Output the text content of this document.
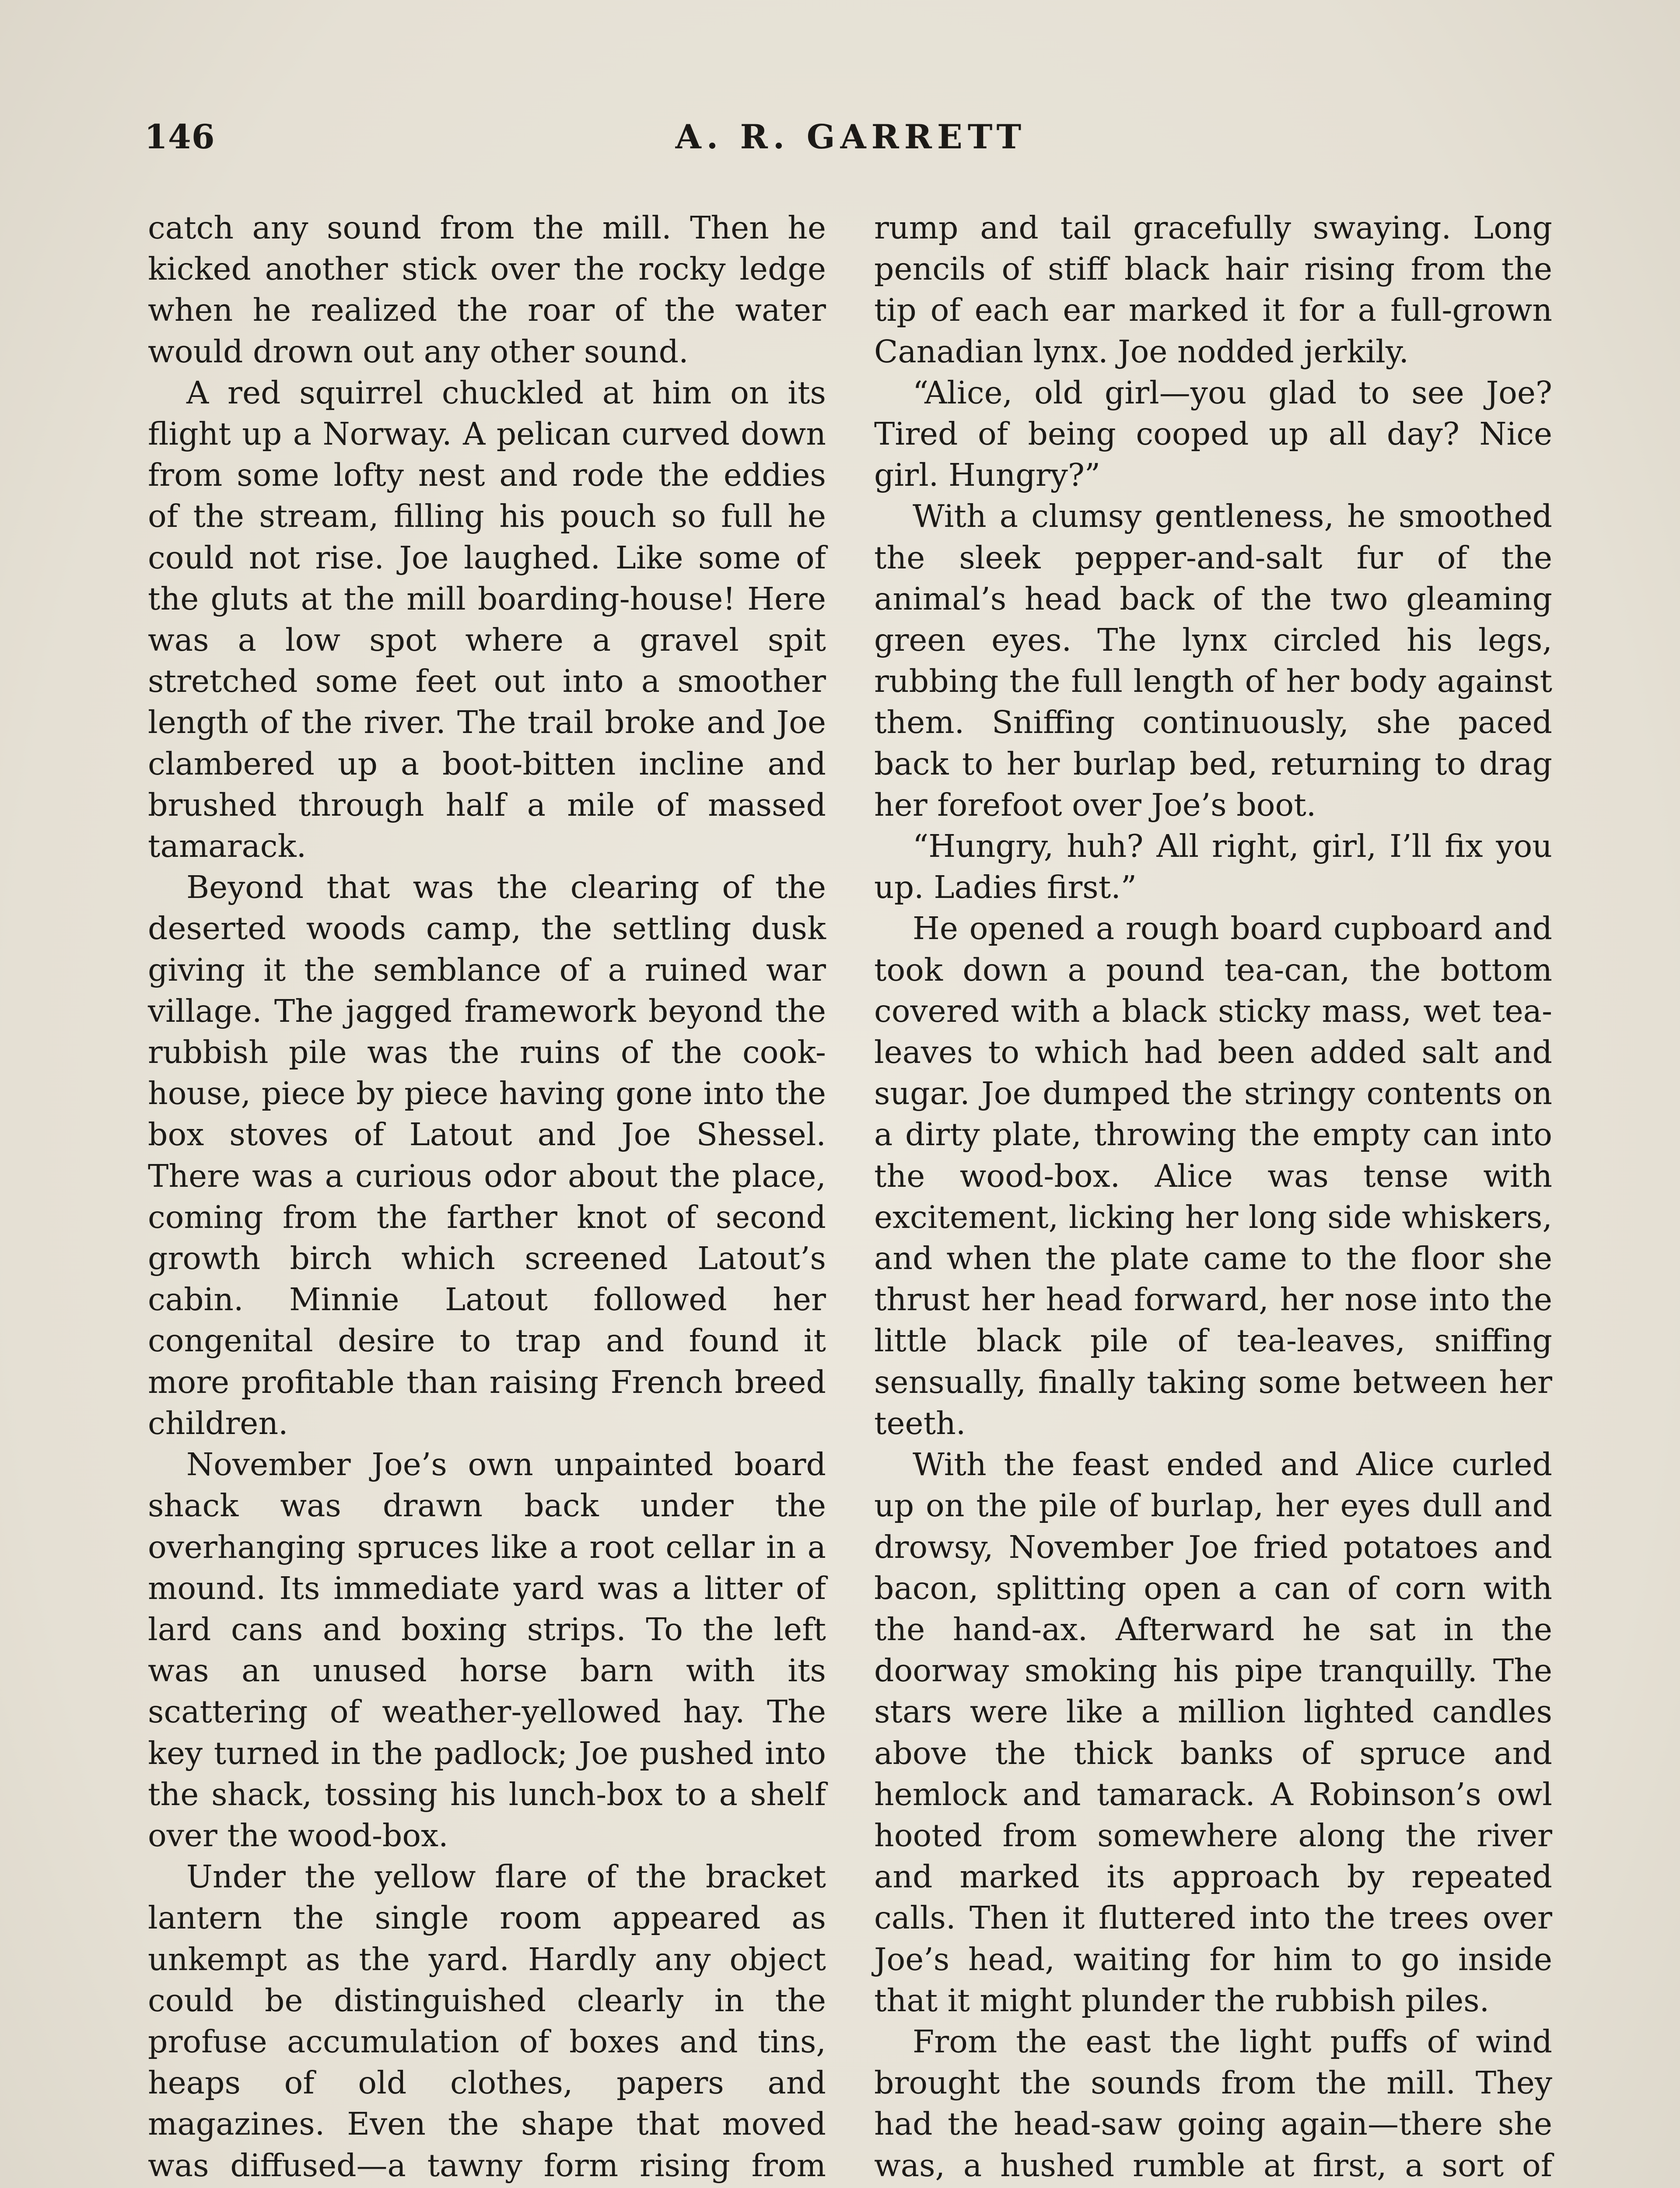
146	A. R. GARRETT

catch any sound from the mill. Then he kicked another stick over the rocky ledge when he realized the roar of the water would drown out any other sound.

A red squirrel chuckled at him on its flight up a Norway. A pelican curved down from some lofty nest and rode the eddies of the stream, filling his pouch so full he could not rise. Joe laughed. Like some of the gluts at the mill boarding-house! Here was a low spot where a gravel spit stretched some feet out into a smoother length of the river. The trail broke and Joe clambered up a boot-bitten incline and brushed through half a mile of massed tamarack.

Beyond that was the clearing of the deserted woods camp, the settling dusk giving it the semblance of a ruined war village. The jagged framework beyond the rubbish pile was the ruins of the cook-house, piece by piece having gone into the box stoves of Latout and Joe Shessel. There was a curious odor about the place, coming from the farther knot of second growth birch which screened Latout’s cabin. Minnie Latout followed her congenital desire to trap and found it more profitable than raising French breed children.

November Joe’s own unpainted board shack was drawn back under the overhanging spruces like a root cellar in a mound. Its immediate yard was a litter of lard cans and boxing strips. To the left was an unused horse barn with its scattering of weather-yellowed hay. The key turned in the padlock; Joe pushed into the shack, tossing his lunch-box to a shelf over the wood-box.

Under the yellow flare of the bracket lantern the single room appeared as unkempt as the yard. Hardly any object could be distinguished clearly in the profuse accumulation of boxes and tins, heaps of old clothes, papers and magazines. Even the shape that moved was diffused—a tawny form rising from

rump and tail gracefully swaying. Long pencils of stiff black hair rising from the tip of each ear marked it for a full-grown Canadian lynx. Joe nodded jerkily.

“Alice, old girl—you glad to see Joe? Tired of being cooped up all day? Nice girl. Hungry?”

With a clumsy gentleness, he smoothed the sleek pepper-and-salt fur of the animal’s head back of the two gleaming green eyes. The lynx circled his legs, rubbing the full length of her body against them. Sniffing continuously, she paced back to her burlap bed, returning to drag her forefoot over Joe’s boot.

“Hungry, huh? All right, girl, I’ll fix you up. Ladies first.”

He opened a rough board cupboard and took down a pound tea-can, the bottom covered with a black sticky mass, wet tea-leaves to which had been added salt and sugar. Joe dumped the stringy contents on a dirty plate, throwing the empty can into the wood-box. Alice was tense with excitement, licking her long side whiskers, and when the plate came to the floor she thrust her head forward, her nose into the little black pile of tea-leaves, sniffing sensually, finally taking some between her teeth.

With the feast ended and Alice curled up on the pile of burlap, her eyes dull and drowsy, November Joe fried potatoes and bacon, splitting open a can of corn with the hand-ax. Afterward he sat in the doorway smoking his pipe tranquilly. The stars were like a million lighted candles above the thick banks of spruce and hemlock and tamarack. A Robinson’s owl hooted from somewhere along the river and marked its approach by repeated calls. Then it fluttered into the trees over Joe’s head, waiting for him to go inside that it might plunder the rubbish piles.

From the east the light puffs of wind brought the sounds from the mill. They had the head-saw going again—there she was, a hushed rumble at first, a sort of
